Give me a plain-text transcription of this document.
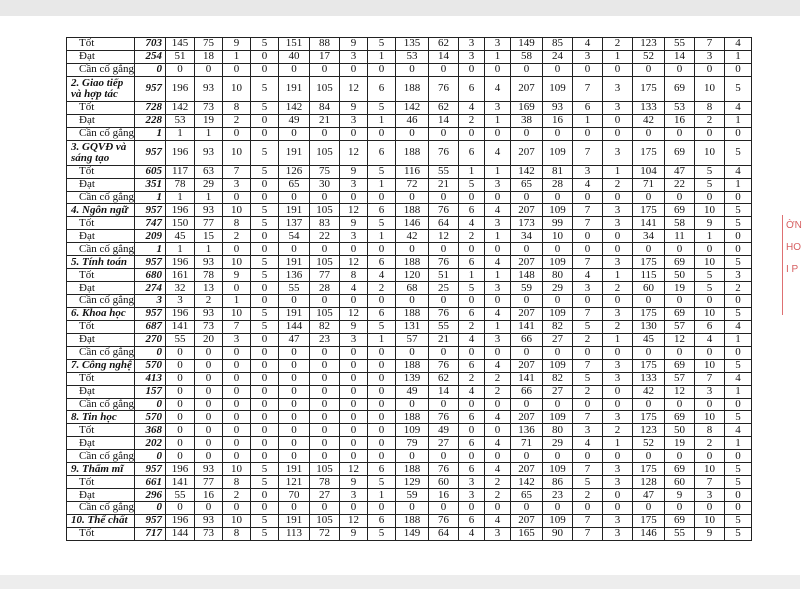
ỜN
HO
I P
Tốt	703	145	75	9	5	151	88	9	5	135	62	3	3	149	85	4	2	123	55	7	4
Đạt	254	51	18	1	0	40	17	3	1	53	14	3	1	58	24	3	1	52	14	3	1
Cần cố gắng	0	0	0	0	0	0	0	0	0	0	0	0	0	0	0	0	0	0	0	0	0
2. Giao tiếp và hợp tác	957	196	93	10	5	191	105	12	6	188	76	6	4	207	109	7	3	175	69	10	5
Tốt	728	142	73	8	5	142	84	9	5	142	62	4	3	169	93	6	3	133	53	8	4
Đạt	228	53	19	2	0	49	21	3	1	46	14	2	1	38	16	1	0	42	16	2	1
Cần cố gắng	1	1	1	0	0	0	0	0	0	0	0	0	0	0	0	0	0	0	0	0	0
3. GQVĐ và sáng tạo	957	196	93	10	5	191	105	12	6	188	76	6	4	207	109	7	3	175	69	10	5
Tốt	605	117	63	7	5	126	75	9	5	116	55	1	1	142	81	3	1	104	47	5	4
Đạt	351	78	29	3	0	65	30	3	1	72	21	5	3	65	28	4	2	71	22	5	1
Cần cố gắng	1	1	1	0	0	0	0	0	0	0	0	0	0	0	0	0	0	0	0	0	0
4. Ngôn ngữ	957	196	93	10	5	191	105	12	6	188	76	6	4	207	109	7	3	175	69	10	5
Tốt	747	150	77	8	5	137	83	9	5	146	64	4	3	173	99	7	3	141	58	9	5
Đạt	209	45	15	2	0	54	22	3	1	42	12	2	1	34	10	0	0	34	11	1	0
Cần cố gắng	1	1	1	0	0	0	0	0	0	0	0	0	0	0	0	0	0	0	0	0	0
5. Tính toán	957	196	93	10	5	191	105	12	6	188	76	6	4	207	109	7	3	175	69	10	5
Tốt	680	161	78	9	5	136	77	8	4	120	51	1	1	148	80	4	1	115	50	5	3
Đạt	274	32	13	0	0	55	28	4	2	68	25	5	3	59	29	3	2	60	19	5	2
Cần cố gắng	3	3	2	1	0	0	0	0	0	0	0	0	0	0	0	0	0	0	0	0	0
6. Khoa học	957	196	93	10	5	191	105	12	6	188	76	6	4	207	109	7	3	175	69	10	5
Tốt	687	141	73	7	5	144	82	9	5	131	55	2	1	141	82	5	2	130	57	6	4
Đạt	270	55	20	3	0	47	23	3	1	57	21	4	3	66	27	2	1	45	12	4	1
Cần cố gắng	0	0	0	0	0	0	0	0	0	0	0	0	0	0	0	0	0	0	0	0	0
7. Công nghệ	570	0	0	0	0	0	0	0	0	188	76	6	4	207	109	7	3	175	69	10	5
Tốt	413	0	0	0	0	0	0	0	0	139	62	2	2	141	82	5	3	133	57	7	4
Đạt	157	0	0	0	0	0	0	0	0	49	14	4	2	66	27	2	0	42	12	3	1
Cần cố gắng	0	0	0	0	0	0	0	0	0	0	0	0	0	0	0	0	0	0	0	0	0
8. Tin học	570	0	0	0	0	0	0	0	0	188	76	6	4	207	109	7	3	175	69	10	5
Tốt	368	0	0	0	0	0	0	0	0	109	49	0	0	136	80	3	2	123	50	8	4
Đạt	202	0	0	0	0	0	0	0	0	79	27	6	4	71	29	4	1	52	19	2	1
Cần cố gắng	0	0	0	0	0	0	0	0	0	0	0	0	0	0	0	0	0	0	0	0	0
9. Thẩm mĩ	957	196	93	10	5	191	105	12	6	188	76	6	4	207	109	7	3	175	69	10	5
Tốt	661	141	77	8	5	121	78	9	5	129	60	3	2	142	86	5	3	128	60	7	5
Đạt	296	55	16	2	0	70	27	3	1	59	16	3	2	65	23	2	0	47	9	3	0
Cần cố gắng	0	0	0	0	0	0	0	0	0	0	0	0	0	0	0	0	0	0	0	0	0
10. Thể chất	957	196	93	10	5	191	105	12	6	188	76	6	4	207	109	7	3	175	69	10	5
Tốt	717	144	73	8	5	113	72	9	5	149	64	4	3	165	90	7	3	146	55	9	5
